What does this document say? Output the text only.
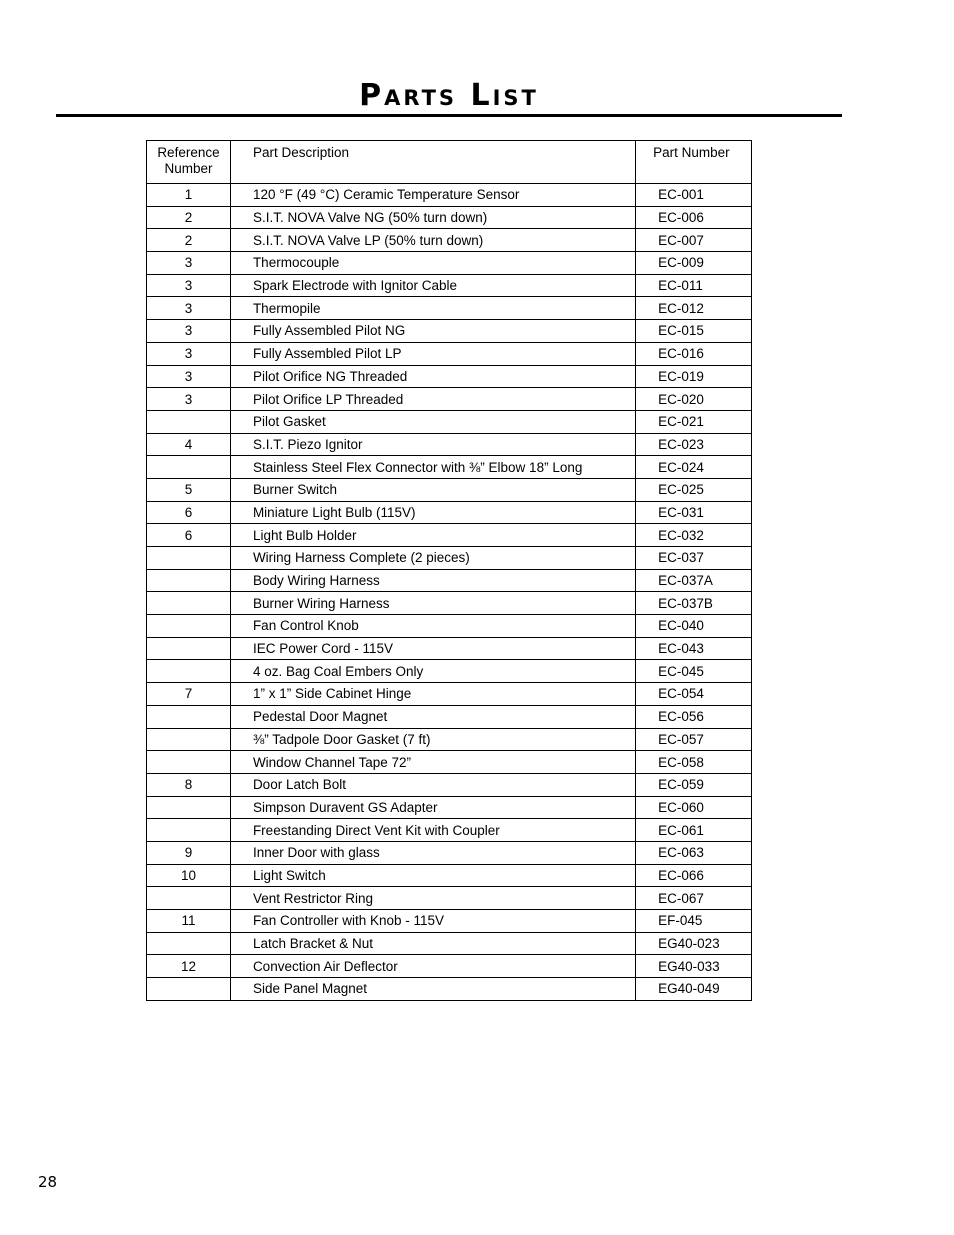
Parts List
Reference Number	Part Description	Part Number
1	120 °F (49 °C) Ceramic Temperature Sensor	EC-001
2	S.I.T. NOVA Valve NG (50% turn down)	EC-006
2	S.I.T. NOVA Valve LP (50% turn down)	EC-007
3	Thermocouple	EC-009
3	Spark Electrode with Ignitor Cable	EC-011
3	Thermopile	EC-012
3	Fully Assembled Pilot NG	EC-015
3	Fully Assembled Pilot LP	EC-016
3	Pilot Orifice NG Threaded	EC-019
3	Pilot Orifice LP Threaded	EC-020
	Pilot Gasket	EC-021
4	S.I.T. Piezo Ignitor	EC-023
	Stainless Steel Flex Connector with ⅜” Elbow 18” Long	EC-024
5	Burner Switch	EC-025
6	Miniature Light Bulb (115V)	EC-031
6	Light Bulb Holder	EC-032
	Wiring Harness Complete (2 pieces)	EC-037
	Body Wiring Harness	EC-037A
	Burner Wiring Harness	EC-037B
	Fan Control Knob	EC-040
	IEC Power Cord - 115V	EC-043
	4 oz. Bag Coal Embers Only	EC-045
7	1” x 1” Side Cabinet Hinge	EC-054
	Pedestal Door Magnet	EC-056
	⅜” Tadpole Door Gasket (7 ft)	EC-057
	Window Channel Tape 72”	EC-058
8	Door Latch Bolt	EC-059
	Simpson Duravent GS Adapter	EC-060
	Freestanding Direct Vent Kit with Coupler	EC-061
9	Inner Door with glass	EC-063
10	Light Switch	EC-066
	Vent Restrictor Ring	EC-067
11	Fan Controller with Knob - 115V	EF-045
	Latch Bracket & Nut	EG40-023
12	Convection Air Deflector	EG40-033
	Side Panel Magnet	EG40-049
28
